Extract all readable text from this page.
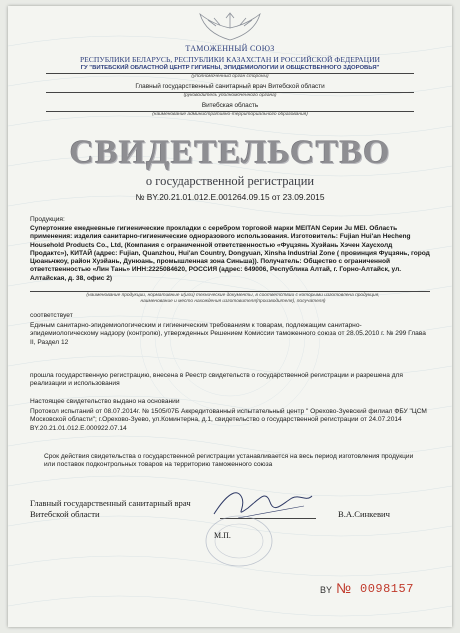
ТАМОЖЕННЫЙ СОЮЗ

РЕСПУБЛИКИ БЕЛАРУСЬ, РЕСПУБЛИКИ КАЗАХСТАН И РОССИЙСКОЙ ФЕДЕРАЦИИ

ГУ "ВИТЕБСКИЙ ОБЛАСТНОЙ ЦЕНТР ГИГИЕНЫ, ЭПИДЕМИОЛОГИИ И ОБЩЕСТВЕННОГО ЗДОРОВЬЯ"

(уполномоченный орган стороны)

Главный государственный санитарный врач Витебской области

(руководитель уполномоченного органа)

Витебская область

(наименование административно-территориального образования)

СВИДЕТЕЛЬСТВО

о государственной регистрации

№ BY.20.21.01.012.Е.001264.09.15 от 23.09.2015

Продукция:

Супертонкие ежедневные гигиенические прокладки с серебром торговой марки MEITAN Серии Ju MEI. Область применения: изделия санитарно-гигиенические одноразового использования. Изготовитель: Fujian Hui'an Hecheng Household Products Co., Ltd, (Компания с ограниченной ответственностью «Фуцзянь Хуэйань Хэчен Хаусхолд Продактс»), КИТАЙ (адрес: Fujian, Quanzhou, Hui'an Country, Dongyuan, Xinsha Industrial Zone ( провинция Фуцзянь, город Цюаньчжоу, район Хуэйань, Дунюань, промышленная зона Синьша)). Получатель: Общество с ограниченной ответственностью «Лин Тань» ИНН:2225084620, РОССИЯ (адрес: 649006, Республика Алтай, г. Горно-Алтайск, ул. Алтайская, д. 38, офис 2)

(наименование продукции, нормативные и(или) технические документы, в соответствии с которыми изготовлена продукция, наименование и место нахождения изготовителя(производителя), получателя)

соответствует

Единым санитарно-эпидемиологическим и гигиеническим требованиям к товарам, подлежащим санитарно-эпидемиологическому надзору (контролю), утвержденных Решением Комиссии таможенного союза от 28.05.2010 г. № 299 Глава II, Раздел 12

прошла государственную регистрацию, внесена в Реестр свидетельств о государственной регистрации и разрешена для реализации и использования

Настоящее свидетельство выдано на основании

Протокол испытаний от 08.07.2014г. № 1505/07Б Аккредитованный испытательный центр " Орехово-Зуевский филиал ФБУ "ЦСМ Московской области"; г.Орехово-Зуево, ул.Коминтерна, д.1, свидетельство о государственной регистрации от 24.07.2014 BY.20.21.01.012.Е.000922.07.14

Срок действия свидетельства о государственной регистрации устанавливается на весь период изготовления продукции или поставок подконтрольных товаров на территорию таможенного союза

Главный государственный санитарный врач

Витебской области	В.А.Синкевич

М.П.

BY № 0098157
